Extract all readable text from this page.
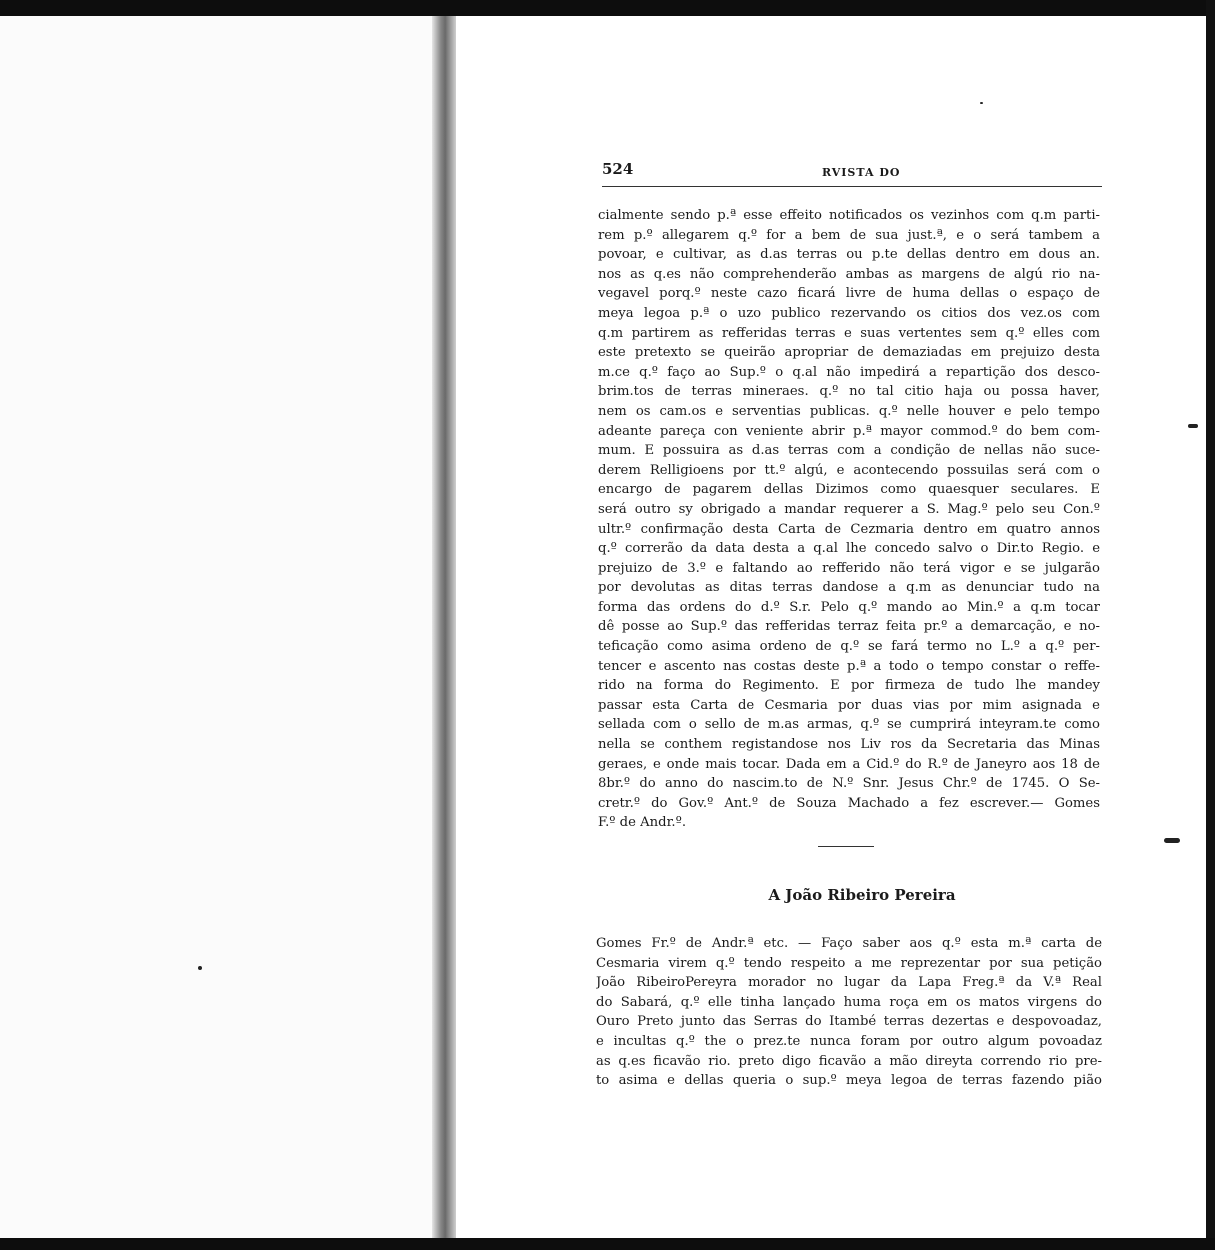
524	RVISTA DO
cialmente sendo p.ª esse effeito notificados os vezinhos com q.m parti-
rem p.º allegarem q.º for a bem de sua just.ª, e o será tambem a
povoar, e cultivar, as d.as terras ou p.te dellas dentro em dous an.
nos as q.es não comprehenderão ambas as margens de algú rio na-
vegavel porq.º neste cazo ficará livre de huma dellas o espaço de
meya legoa p.ª o uzo publico rezervando os citios dos vez.os com
q.m partirem as refferidas terras e suas vertentes sem q.º elles com
este pretexto se queirão apropriar de demaziadas em prejuizo desta
m.ce q.º faço ao Sup.º o q.al não impedirá a repartição dos desco-
brim.tos de terras mineraes. q.º no tal citio haja ou possa haver,
nem os cam.os e serventias publicas. q.º nelle houver e pelo tempo
adeante pareça con veniente abrir p.ª mayor commod.º do bem com-
mum. E possuira as d.as terras com a condição de nellas não suce-
derem Relligioens por tt.º algú, e acontecendo possuilas será com o
encargo de pagarem dellas Dizimos como quaesquer seculares. E
será outro sy obrigado a mandar requerer a S. Mag.º pelo seu Con.º
ultr.º confirmação desta Carta de Cezmaria dentro em quatro annos
q.º correrão da data desta a q.al lhe concedo salvo o Dir.to Regio. e
prejuizo de 3.º e faltando ao refferido não terá vigor e se julgarão
por devolutas as ditas terras dandose a q.m as denunciar tudo na
forma das ordens do d.º S.r. Pelo q.º mando ao Min.º a q.m tocar
dê posse ao Sup.º das refferidas terraz feita pr.º a demarcação, e no-
teficação como asima ordeno de q.º se fará termo no L.º a q.º per-
tencer e ascento nas costas deste p.ª a todo o tempo constar o reffe-
rido na forma do Regimento. E por firmeza de tudo lhe mandey
passar esta Carta de Cesmaria por duas vias por mim asignada e
sellada com o sello de m.as armas, q.º se cumprirá inteyram.te como
nella se conthem registandose nos Liv ros da Secretaria das Minas
geraes, e onde mais tocar. Dada em a Cid.º do R.º de Janeyro aos 18 de
8br.º do anno do nascim.to de N.º Snr. Jesus Chr.º de 1745. O Se-
cretr.º do Gov.º Ant.º de Souza Machado a fez escrever.— Gomes
F.º de Andr.º.
A João Ribeiro Pereira
Gomes Fr.º de Andr.ª etc. — Faço saber aos q.º esta m.ª carta de
Cesmaria virem q.º tendo respeito a me reprezentar por sua petição
João RibeiroPereyra morador no lugar da Lapa Freg.ª da V.ª Real
do Sabará, q.º elle tinha lançado huma roça em os matos virgens do
Ouro Preto junto das Serras do Itambé terras dezertas e despovoadaz,
e incultas q.º the o prez.te nunca foram por outro algum povoadaz
as q.es ficavão rio. preto digo ficavão a mão direyta correndo rio pre-
to asima e dellas queria o sup.º meya legoa de terras fazendo pião
